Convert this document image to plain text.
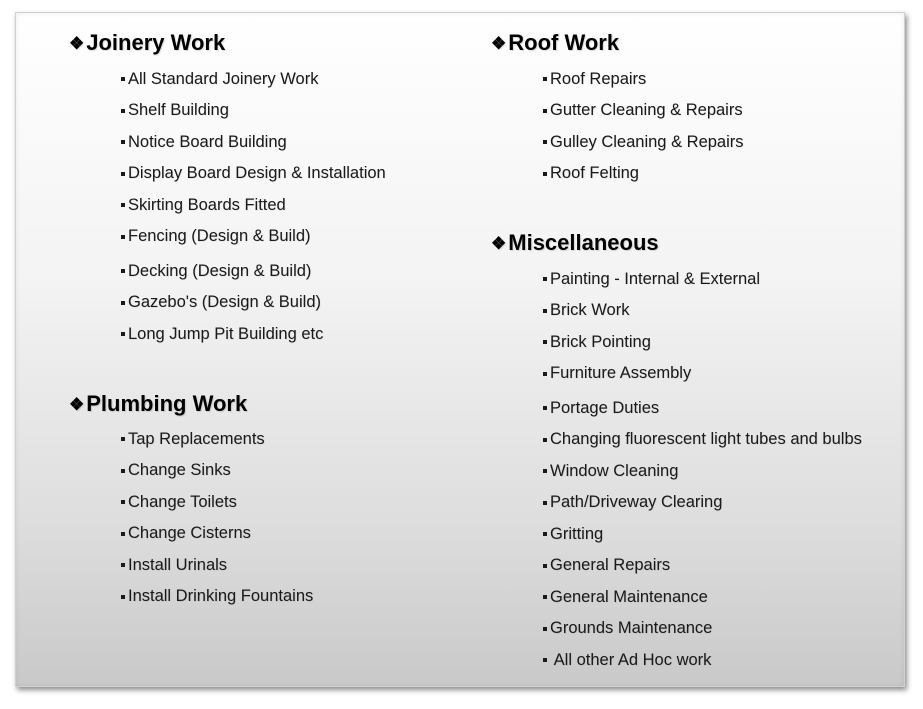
❖ Joinery Work
All Standard Joinery Work
Shelf Building
Notice Board Building
Display Board Design & Installation
Skirting Boards Fitted
Fencing (Design & Build)
Decking (Design & Build)
Gazebo's (Design & Build)
Long Jump Pit Building etc
❖ Plumbing Work
Tap Replacements
Change Sinks
Change Toilets
Change Cisterns
Install Urinals
Install Drinking Fountains
❖ Roof Work
Roof Repairs
Gutter Cleaning & Repairs
Gulley Cleaning & Repairs
Roof Felting
❖ Miscellaneous
Painting - Internal & External
Brick Work
Brick Pointing
Furniture Assembly
Portage Duties
Changing fluorescent light tubes and bulbs
Window Cleaning
Path/Driveway Clearing
Gritting
General Repairs
General Maintenance
Grounds Maintenance
All other Ad Hoc work
